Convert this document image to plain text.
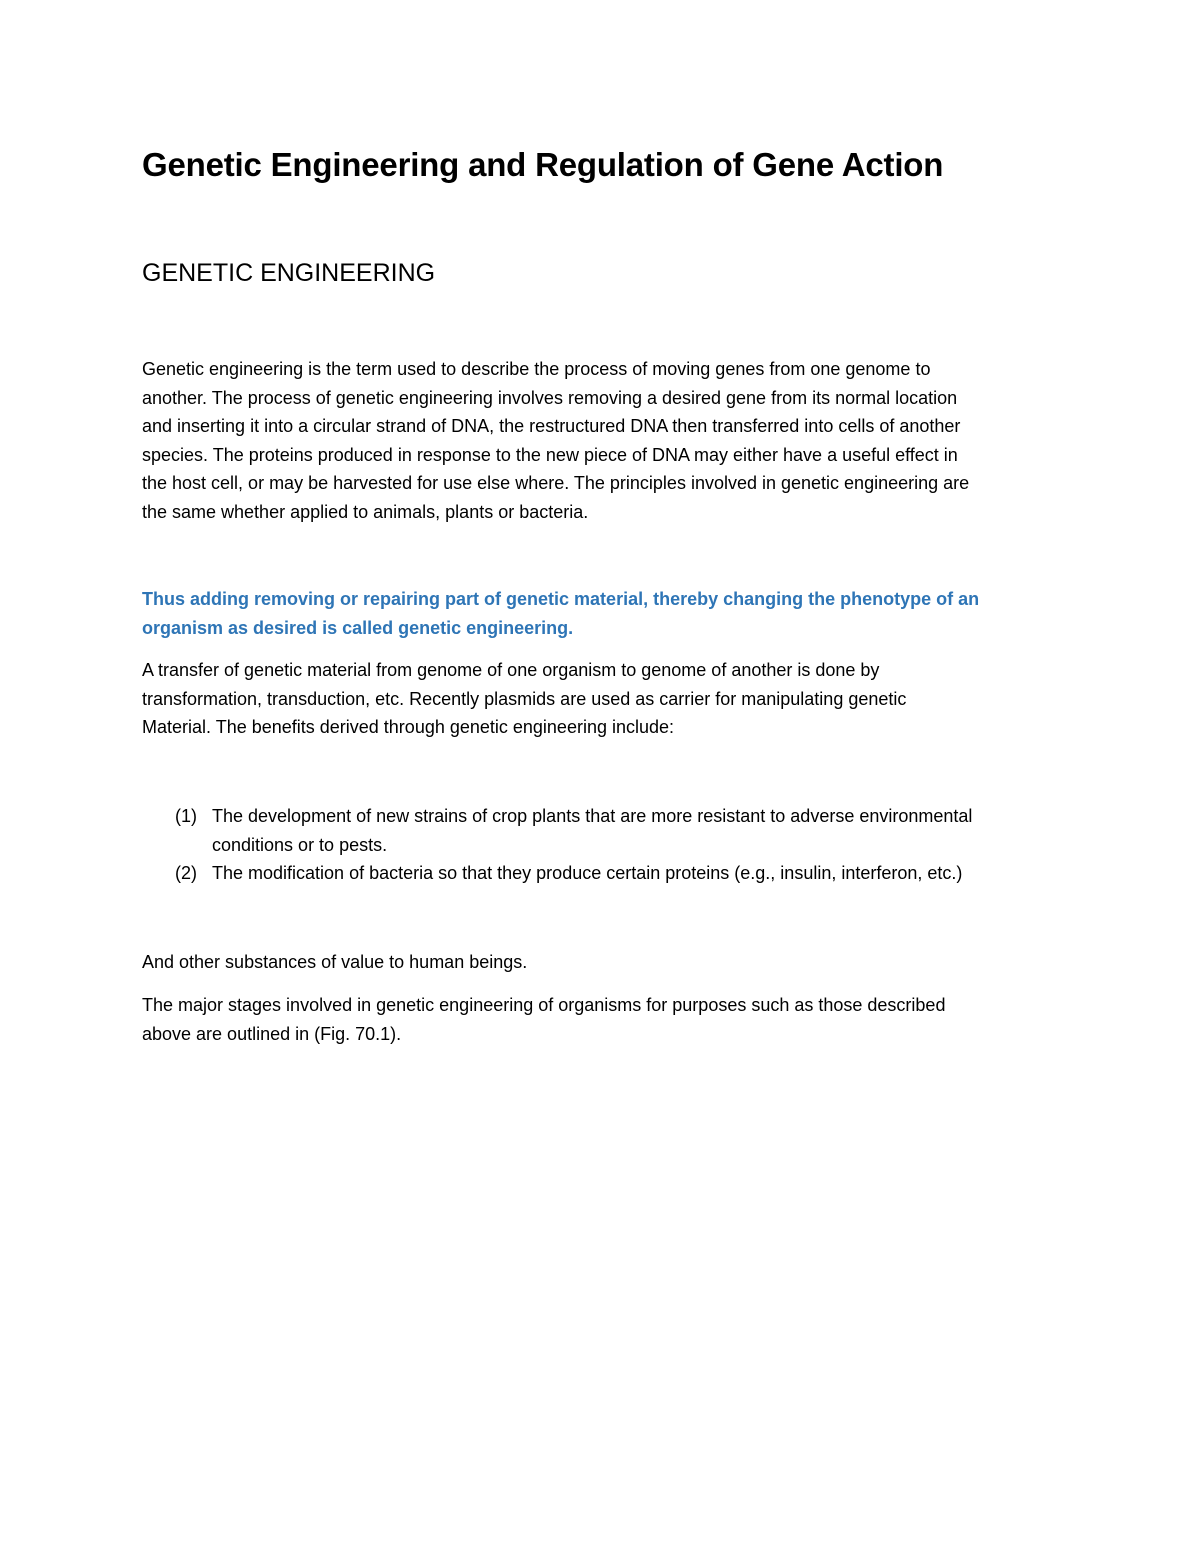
Genetic Engineering and Regulation of Gene Action
GENETIC ENGINEERING

Genetic engineering is the term used to describe the process of moving genes from one genome to
another. The process of genetic engineering involves removing a desired gene from its normal location
and inserting it into a circular strand of DNA, the restructured DNA then transferred into cells of another
species. The proteins produced in response to the new piece of DNA may either have a useful effect in
the host cell, or may be harvested for use else where. The principles involved in genetic engineering are
the same whether applied to animals, plants or bacteria.

Thus adding removing or repairing part of genetic material, thereby changing the phenotype of an
organism as desired is called genetic engineering.

A transfer of genetic material from genome of one organism to genome of another is done by
transformation, transduction, etc. Recently plasmids are used as carrier for manipulating genetic
Material. The benefits derived through genetic engineering include:

(1) The development of new strains of crop plants that are more resistant to adverse environmental
conditions or to pests.
(2) The modification of bacteria so that they produce certain proteins (e.g., insulin, interferon, etc.)

And other substances of value to human beings.

The major stages involved in genetic engineering of organisms for purposes such as those described
above are outlined in (Fig. 70.1).
